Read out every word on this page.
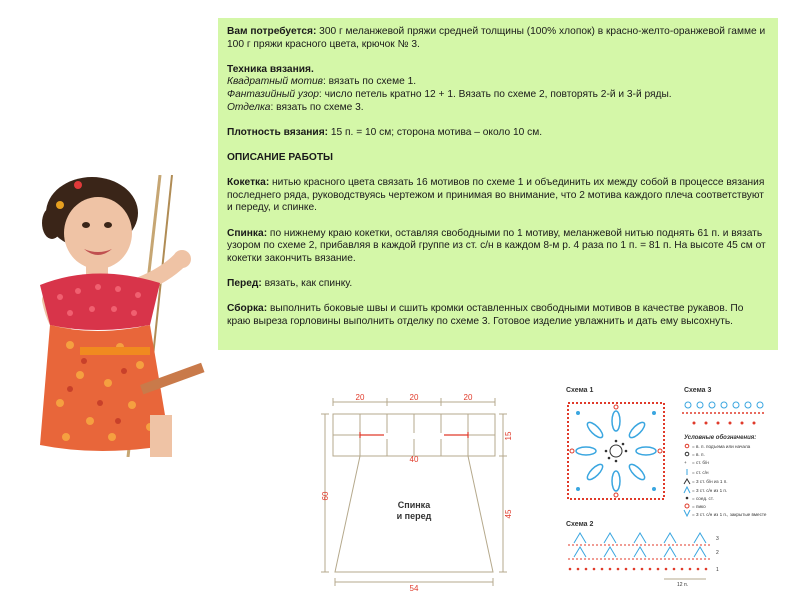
Вам потребуется: 300 г меланжевой пряжи средней толщины (100% хлопок) в красно-желто-оранжевой гамме и 100 г пряжи красного цвета, крючок № 3.

Техника вязания.
Квадратный мотив: вязать по схеме 1.
Фантазийный узор: число петель кратно 12 + 1. Вязать по схеме 2, повторять 2-й и 3-й ряды.
Отделка: вязать по схеме 3.

Плотность вязания: 15 п. = 10 см; сторона мотива – около 10 см.

ОПИСАНИЕ РАБОТЫ

Кокетка: нитью красного цвета связать 16 мотивов по схеме 1 и объединить их между собой в процессе вязания последнего ряда, руководствуясь чертежом и принимая во внимание, что 2 мотива каждого плеча соответствуют и переду, и спинке.

Спинка: по нижнему краю кокетки, оставляя свободными по 1 мотиву, меланжевой нитью поднять 61 п. и вязать узором по схеме 2, прибавляя в каждой группе из ст. с/н в каждом 8-м р. 4 раза по 1 п. = 81 п. На высоте 45 см от кокетки закончить вязание.

Перед: вязать, как спинку.

Сборка: выполнить боковые швы и сшить кромки оставленных свободными мотивов в качестве рукавов. По краю выреза горловины выполнить отделку по схеме 3. Готовое изделие увлажнить и дать ему высохнуть.

40
20	20	20
54
60
15
45
Спинка
и перед
Схема 1	Схема 3
Условные обозначения:
= в. п. подъема или начала
= в. п.
+ = ст. б/н
= ст. с/н
= 3 ст. б/н из 1 п.
= 3 ст. с/н из 1 п.
= соед. ст.
= пико
= 3 ст. с/н из 1 п., закрытые вместе
Схема 2
3
2
1
12 п.
